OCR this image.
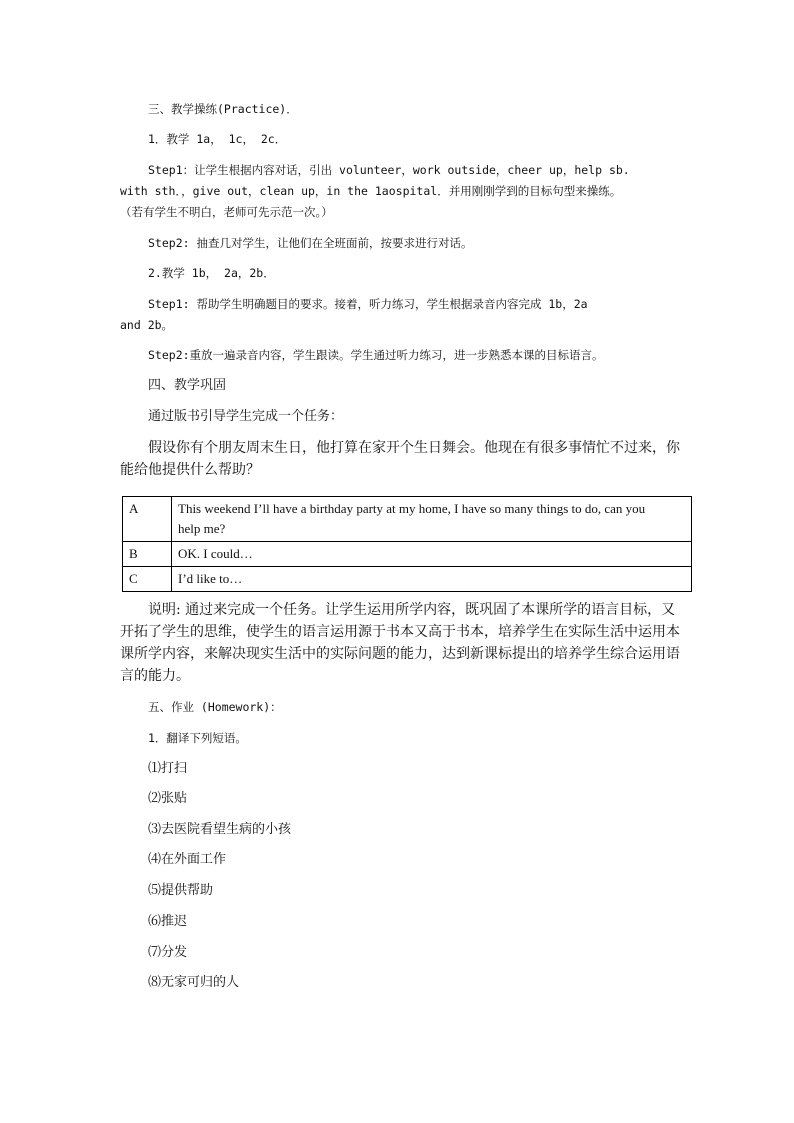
三、教学操练(Practice)．
1．教学 1a， 1c， 2c．
Step1：让学生根据内容对话，引出 volunteer，work outside，cheer up，help sb.
with sth．，give out，clean up，in the 1aospital．并用刚刚学到的目标句型来操练。
（若有学生不明白，老师可先示范一次。）
Step2: 抽查几对学生，让他们在全班面前，按要求进行对话。
2.教学 1b， 2a，2b．
Step1: 帮助学生明确题目的要求。接着，听力练习，学生根据录音内容完成 1b，2a
and 2b。
Step2:重放一遍录音内容，学生跟读。学生通过听力练习，进一步熟悉本课的目标语言。
四、教学巩固
通过版书引导学生完成一个任务：
假设你有个朋友周末生日，他打算在家开个生日舞会。他现在有很多事情忙不过来，你
能给他提供什么帮助？
A	This weekend I’ll have a birthday party at my home, I have so many things to do, can you
help me?

B	OK. I could…
C	I’d like to…
说明: 通过来完成一个任务。让学生运用所学内容，既巩固了本课所学的语言目标，又
开拓了学生的思维，使学生的语言运用源于书本又高于书本，培养学生在实际生活中运用本
课所学内容，来解决现实生活中的实际问题的能力，达到新课标提出的培养学生综合运用语
言的能力。
五、作业 (Homework)：
1．翻译下列短语。
⑴打扫
⑵张贴
⑶去医院看望生病的小孩
⑷在外面工作
⑸提供帮助
⑹推迟
⑺分发
⑻无家可归的人
